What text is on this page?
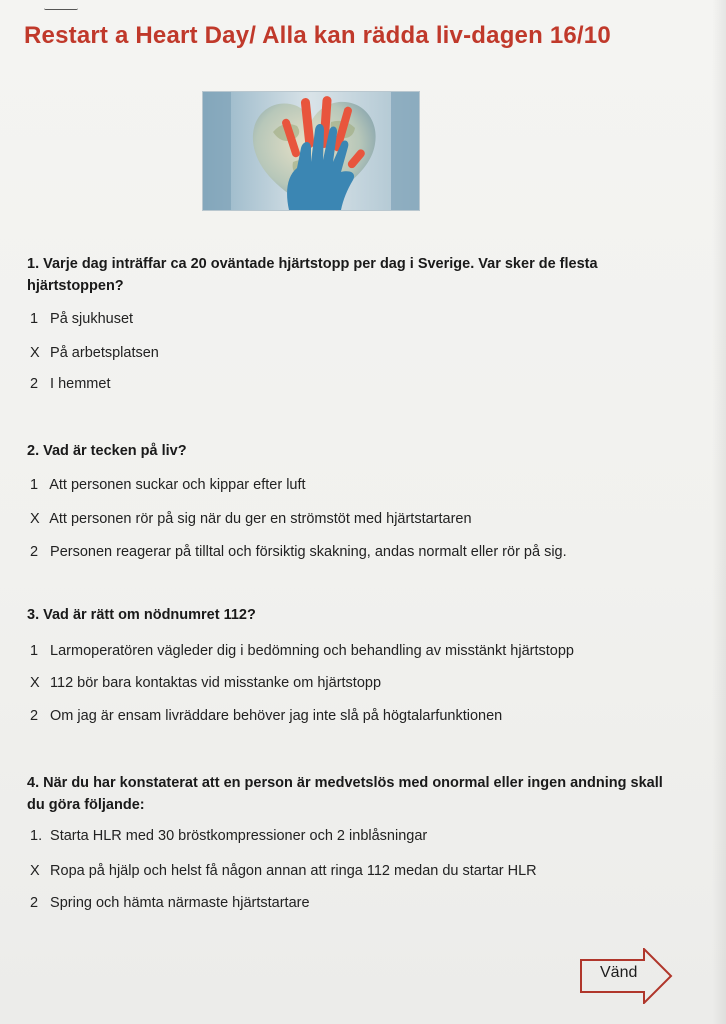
Restart a Heart Day/ Alla kan rädda liv-dagen 16/10

1. Varje dag inträffar ca 20 oväntade hjärtstopp per dag i Sverige. Var sker de flesta hjärtstoppen?

1 På sjukhuset

X På arbetsplatsen

2 I hemmet

2. Vad är tecken på liv?

1 Att personen suckar och kippar efter luft

X Att personen rör på sig när du ger en strömstöt med hjärtstartaren

2 Personen reagerar på tilltal och försiktig skakning, andas normalt eller rör på sig.

3. Vad är rätt om nödnumret 112?

1 Larmoperatören vägleder dig i bedömning och behandling av misstänkt hjärtstopp

X 112 bör bara kontaktas vid misstanke om hjärtstopp

2 Om jag är ensam livräddare behöver jag inte slå på högtalarfunktionen

4. När du har konstaterat att en person är medvetslös med onormal eller ingen andning skall du göra följande:

1. Starta HLR med 30 bröstkompressioner och 2 inblåsningar

X Ropa på hjälp och helst få någon annan att ringa 112 medan du startar HLR

2 Spring och hämta närmaste hjärtstartare

Vänd
